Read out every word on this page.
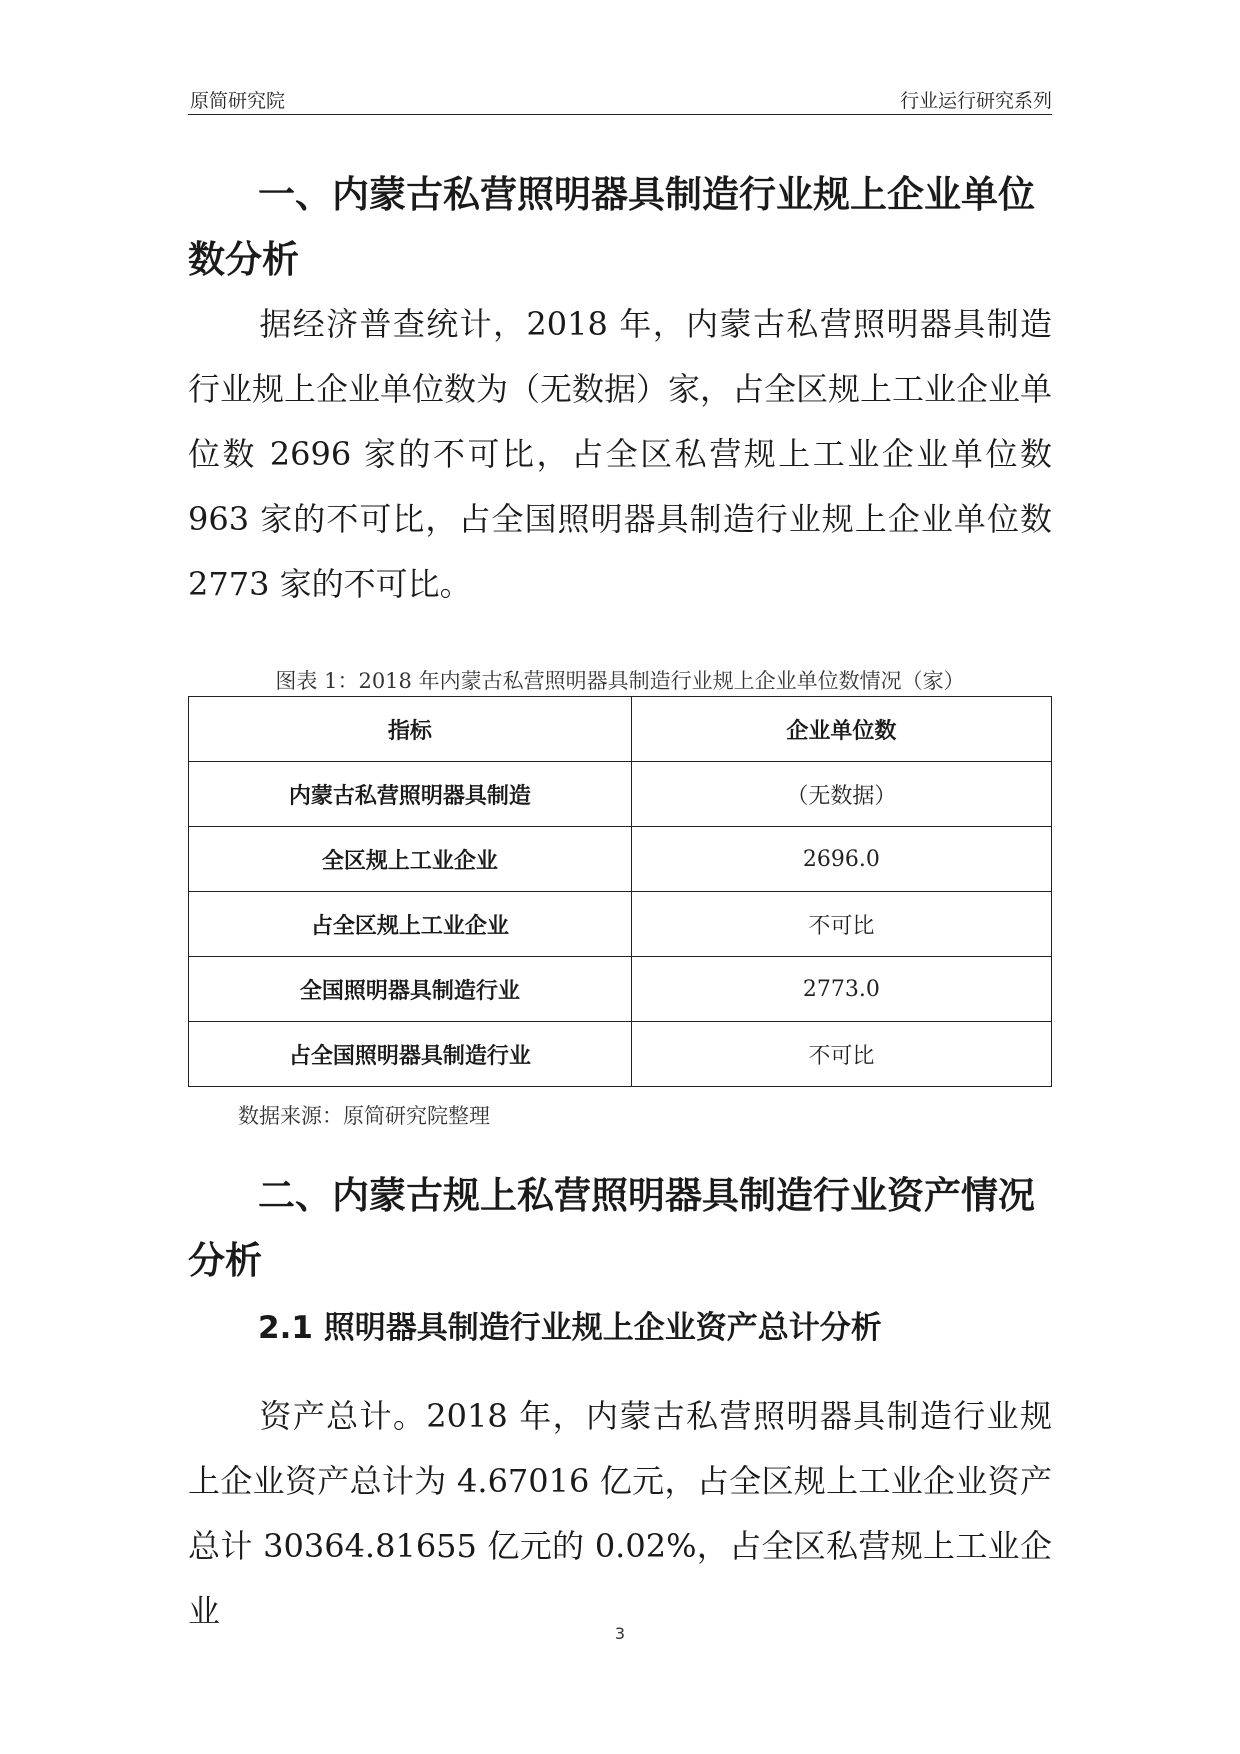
原简研究院	行业运行研究系列
一、内蒙古私营照明器具制造行业规上企业单位数分析

据经济普查统计，2018 年，内蒙古私营照明器具制造行业规上企业单位数为（无数据）家，占全区规上工业企业单位数 2696 家的不可比，占全区私营规上工业企业单位数 963 家的不可比，占全国照明器具制造行业规上企业单位数 2773 家的不可比。

图表 1：2018 年内蒙古私营照明器具制造行业规上企业单位数情况（家）
指标	企业单位数
内蒙古私营照明器具制造	（无数据）
全区规上工业企业	2696.0
占全区规上工业企业	不可比
全国照明器具制造行业	2773.0
占全国照明器具制造行业	不可比
数据来源：原简研究院整理
二、内蒙古规上私营照明器具制造行业资产情况分析
2.1 照明器具制造行业规上企业资产总计分析

资产总计。2018 年，内蒙古私营照明器具制造行业规上企业资产总计为 4.67016 亿元，占全区规上工业企业资产总计 30364.81655 亿元的 0.02%，占全区私营规上工业企业

3
